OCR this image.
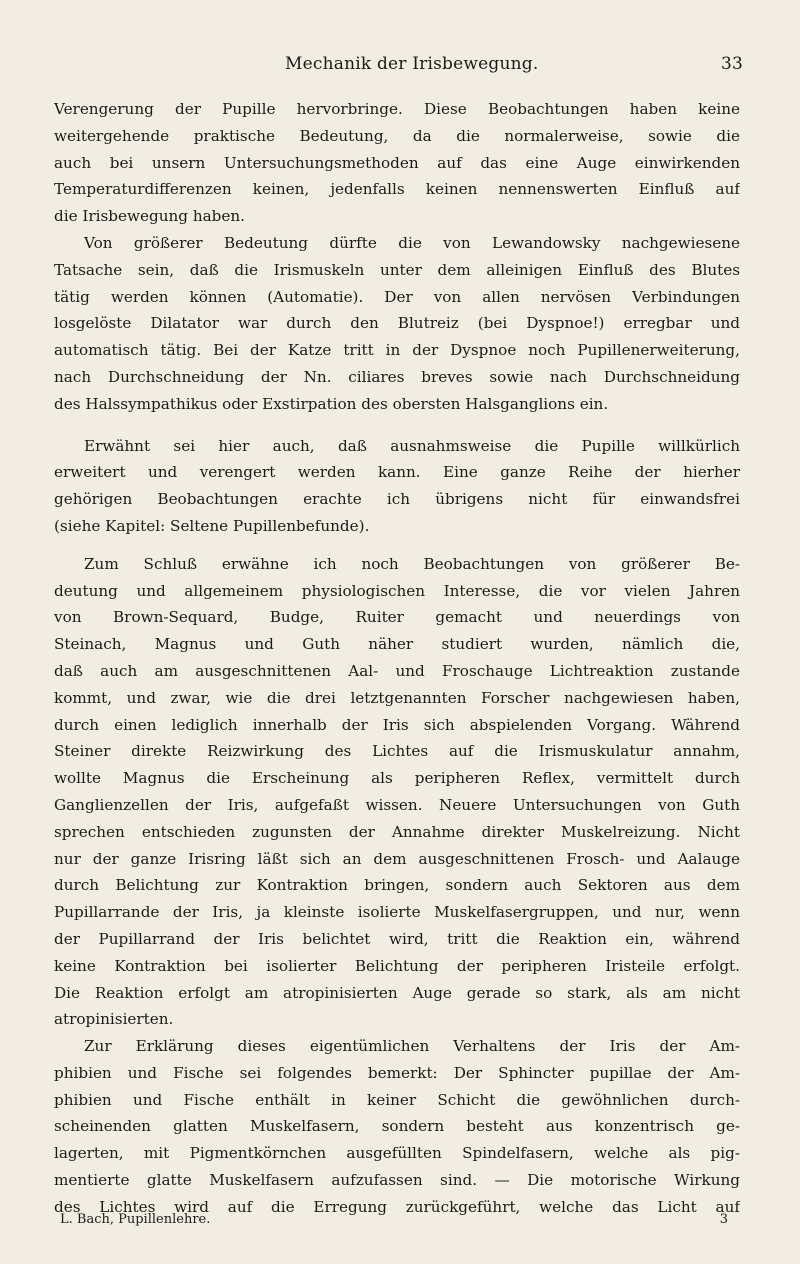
Mechanik der Irisbewegung.	33
Verengerung der Pupille hervorbringe. Diese Beobachtungen haben keine
weitergehende praktische Bedeutung, da die normalerweise, sowie die
auch bei unsern Untersuchungsmethoden auf das eine Auge einwirkenden
Temperaturdifferenzen keinen, jedenfalls keinen nennenswerten Einfluß auf
die Irisbewegung haben.
Von größerer Bedeutung dürfte die von Lewandowsky nachgewiesene
Tatsache sein, daß die Irismuskeln unter dem alleinigen Einfluß des Blutes
tätig werden können (Automatie). Der von allen nervösen Verbindungen
losgelöste Dilatator war durch den Blutreiz (bei Dyspnoe!) erregbar und
automatisch tätig. Bei der Katze tritt in der Dyspnoe noch Pupillenerweiterung,
nach Durchschneidung der Nn. ciliares breves sowie nach Durchschneidung
des Halssympathikus oder Exstirpation des obersten Halsganglions ein.
Erwähnt sei hier auch, daß ausnahmsweise die Pupille willkürlich
erweitert und verengert werden kann. Eine ganze Reihe der hierher
gehörigen Beobachtungen erachte ich übrigens nicht für einwandsfrei
(siehe Kapitel: Seltene Pupillenbefunde).
Zum Schluß erwähne ich noch Beobachtungen von größerer Be-
deutung und allgemeinem physiologischen Interesse, die vor vielen Jahren
von Brown-Sequard, Budge, Ruiter gemacht und neuerdings von
Steinach, Magnus und Guth näher studiert wurden, nämlich die,
daß auch am ausgeschnittenen Aal- und Froschauge Lichtreaktion zustande
kommt, und zwar, wie die drei letztgenannten Forscher nachgewiesen haben,
durch einen lediglich innerhalb der Iris sich abspielenden Vorgang. Während
Steiner direkte Reizwirkung des Lichtes auf die Irismuskulatur annahm,
wollte Magnus die Erscheinung als peripheren Reflex, vermittelt durch
Ganglienzellen der Iris, aufgefaßt wissen. Neuere Untersuchungen von Guth
sprechen entschieden zugunsten der Annahme direkter Muskelreizung. Nicht
nur der ganze Irisring läßt sich an dem ausgeschnittenen Frosch- und Aalauge
durch Belichtung zur Kontraktion bringen, sondern auch Sektoren aus dem
Pupillarrande der Iris, ja kleinste isolierte Muskelfasergruppen, und nur, wenn
der Pupillarrand der Iris belichtet wird, tritt die Reaktion ein, während
keine Kontraktion bei isolierter Belichtung der peripheren Iristeile erfolgt.
Die Reaktion erfolgt am atropinisierten Auge gerade so stark, als am nicht
atropinisierten.
Zur Erklärung dieses eigentümlichen Verhaltens der Iris der Am-
phibien und Fische sei folgendes bemerkt: Der Sphincter pupillae der Am-
phibien und Fische enthält in keiner Schicht die gewöhnlichen durch-
scheinenden glatten Muskelfasern, sondern besteht aus konzentrisch ge-
lagerten, mit Pigmentkörnchen ausgefüllten Spindelfasern, welche als pig-
mentierte glatte Muskelfasern aufzufassen sind. — Die motorische Wirkung
des Lichtes wird auf die Erregung zurückgeführt, welche das Licht auf
L. Bach, Pupillenlehre.	3
